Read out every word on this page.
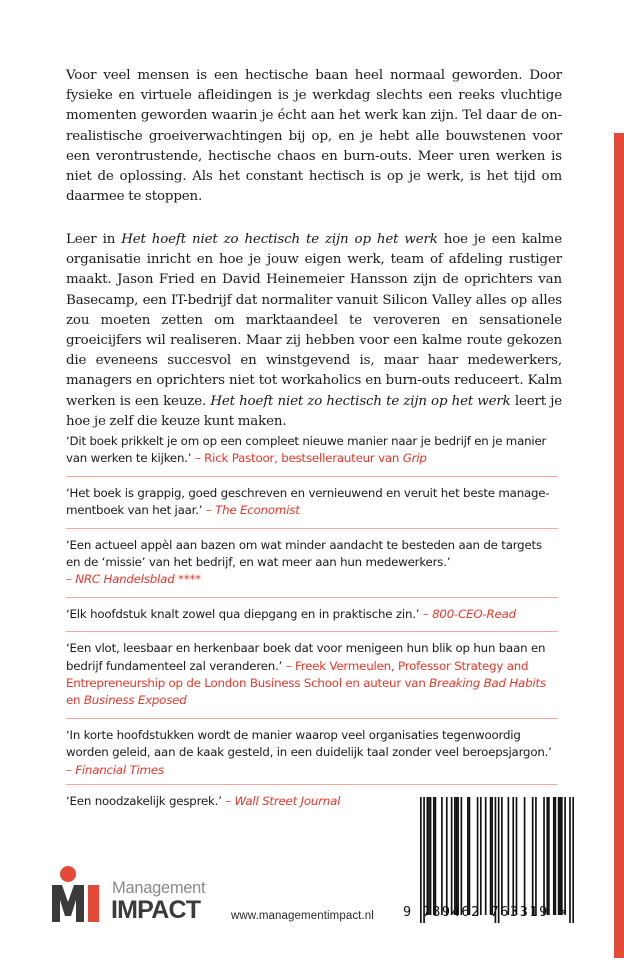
Voor veel mensen is een hectische baan heel normaal geworden. Door fysieke en virtuele afleidingen is je werkdag slechts een reeks vluchtige momenten geworden waarin je écht aan het werk kan zijn. Tel daar de onrealistische groeiverwachtingen bij op, en je hebt alle bouwstenen voor een verontrustende, hectische chaos en burn-outs. Meer uren werken is niet de oplossing. Als het constant hectisch is op je werk, is het tijd om daarmee te stoppen.

Leer in Het hoeft niet zo hectisch te zijn op het werk hoe je een kalme organisatie inricht en hoe je jouw eigen werk, team of afdeling rustiger maakt. Jason Fried en David Heinemeier Hansson zijn de oprichters van Basecamp, een IT-bedrijf dat normaliter vanuit Silicon Valley alles op alles zou moeten zetten om marktaandeel te veroveren en sensationele groeicijfers wil realiseren. Maar zij hebben voor een kalme route gekozen die eveneens succesvol en winstgevend is, maar haar medewerkers, managers en oprichters niet tot workaholics en burn-outs reduceert. Kalm werken is een keuze. Het hoeft niet zo hectisch te zijn op het werk leert je hoe je zelf die keuze kunt maken.

‘Dit boek prikkelt je om op een compleet nieuwe manier naar je bedrijf en je manier van werken te kijken.’ – Rick Pastoor, bestsellerauteur van Grip
‘Het boek is grappig, goed geschreven en vernieuwend en veruit het beste managementboek van het jaar.’ – The Economist
‘Een actueel appèl aan bazen om wat minder aandacht te besteden aan de targets en de ‘missie’ van het bedrijf, en wat meer aan hun medewerkers.’
– NRC Handelsblad ****
‘Elk hoofdstuk knalt zowel qua diepgang en in praktische zin.’ – 800-CEO-Read
‘Een vlot, leesbaar en herkenbaar boek dat voor menigeen hun blik op hun baan en bedrijf fundamenteel zal veranderen.’ – Freek Vermeulen, Professor Strategy and Entrepreneurship op de London Business School en auteur van Breaking Bad Habits en Business Exposed
‘In korte hoofdstukken wordt de manier waarop veel organisaties tegenwoordig worden geleid, aan de kaak gesteld, in een duidelijk taal zonder veel beroepsjargon.’ – Financial Times
‘Een noodzakelijk gesprek.’ – Wall Street Journal
Management
IMPACT	www.managementimpact.nl 9 789462 763319 >
